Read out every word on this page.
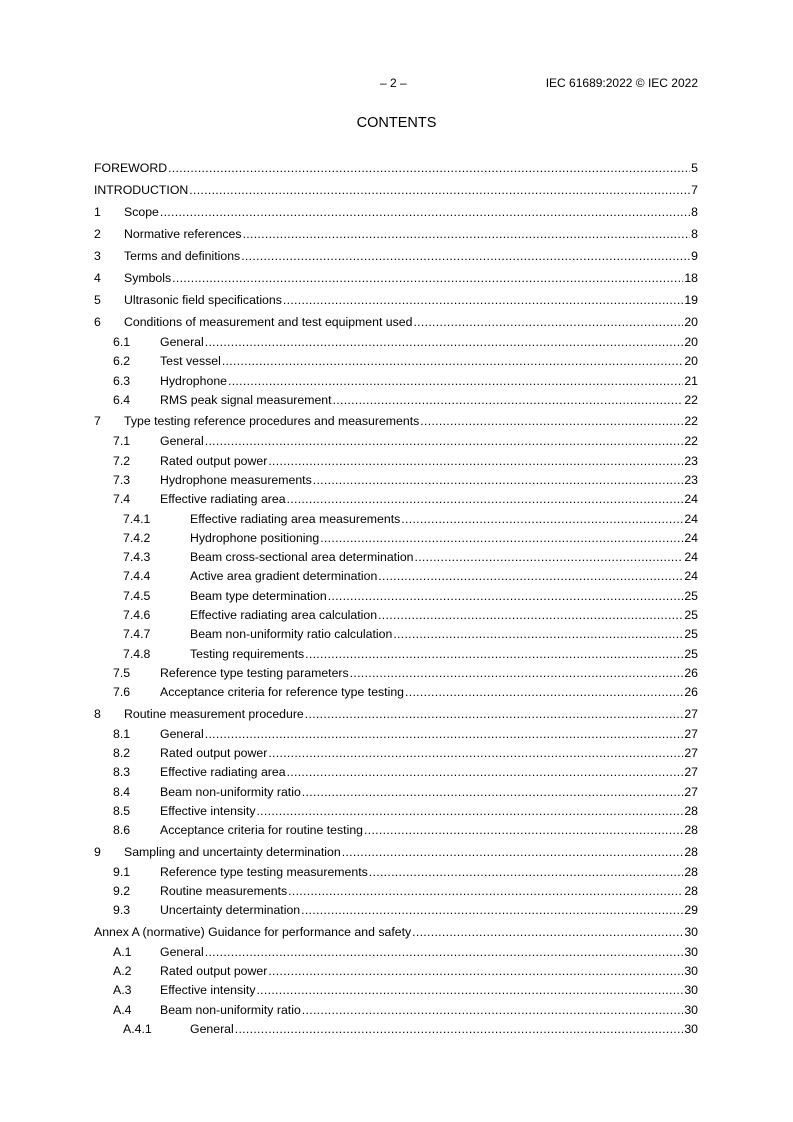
– 2 –	IEC 61689:2022 © IEC 2022
CONTENTS
FOREWORD .....	5
INTRODUCTION .....	7
1	Scope .....	8
2	Normative references .....	8
3	Terms and definitions .....	9
4	Symbols .....	18
5	Ultrasonic field specifications .....	19
6	Conditions of measurement and test equipment used .....	20
6.1	General .....	20
6.2	Test vessel .....	20
6.3	Hydrophone .....	21
6.4	RMS peak signal measurement .....	22
7	Type testing reference procedures and measurements .....	22
7.1	General .....	22
7.2	Rated output power .....	23
7.3	Hydrophone measurements .....	23
7.4	Effective radiating area .....	24
7.4.1	Effective radiating area measurements .....	24
7.4.2	Hydrophone positioning .....	24
7.4.3	Beam cross-sectional area determination .....	24
7.4.4	Active area gradient determination .....	24
7.4.5	Beam type determination .....	25
7.4.6	Effective radiating area calculation .....	25
7.4.7	Beam non-uniformity ratio calculation .....	25
7.4.8	Testing requirements .....	25
7.5	Reference type testing parameters .....	26
7.6	Acceptance criteria for reference type testing .....	26
8	Routine measurement procedure .....	27
8.1	General .....	27
8.2	Rated output power .....	27
8.3	Effective radiating area .....	27
8.4	Beam non-uniformity ratio .....	27
8.5	Effective intensity .....	28
8.6	Acceptance criteria for routine testing .....	28
9	Sampling and uncertainty determination .....	28
9.1	Reference type testing measurements .....	28
9.2	Routine measurements .....	28
9.3	Uncertainty determination .....	29
Annex A (normative) Guidance for performance and safety .....	30
A.1	General .....	30
A.2	Rated output power .....	30
A.3	Effective intensity .....	30
A.4	Beam non-uniformity ratio .....	30
A.4.1	General .....	30
